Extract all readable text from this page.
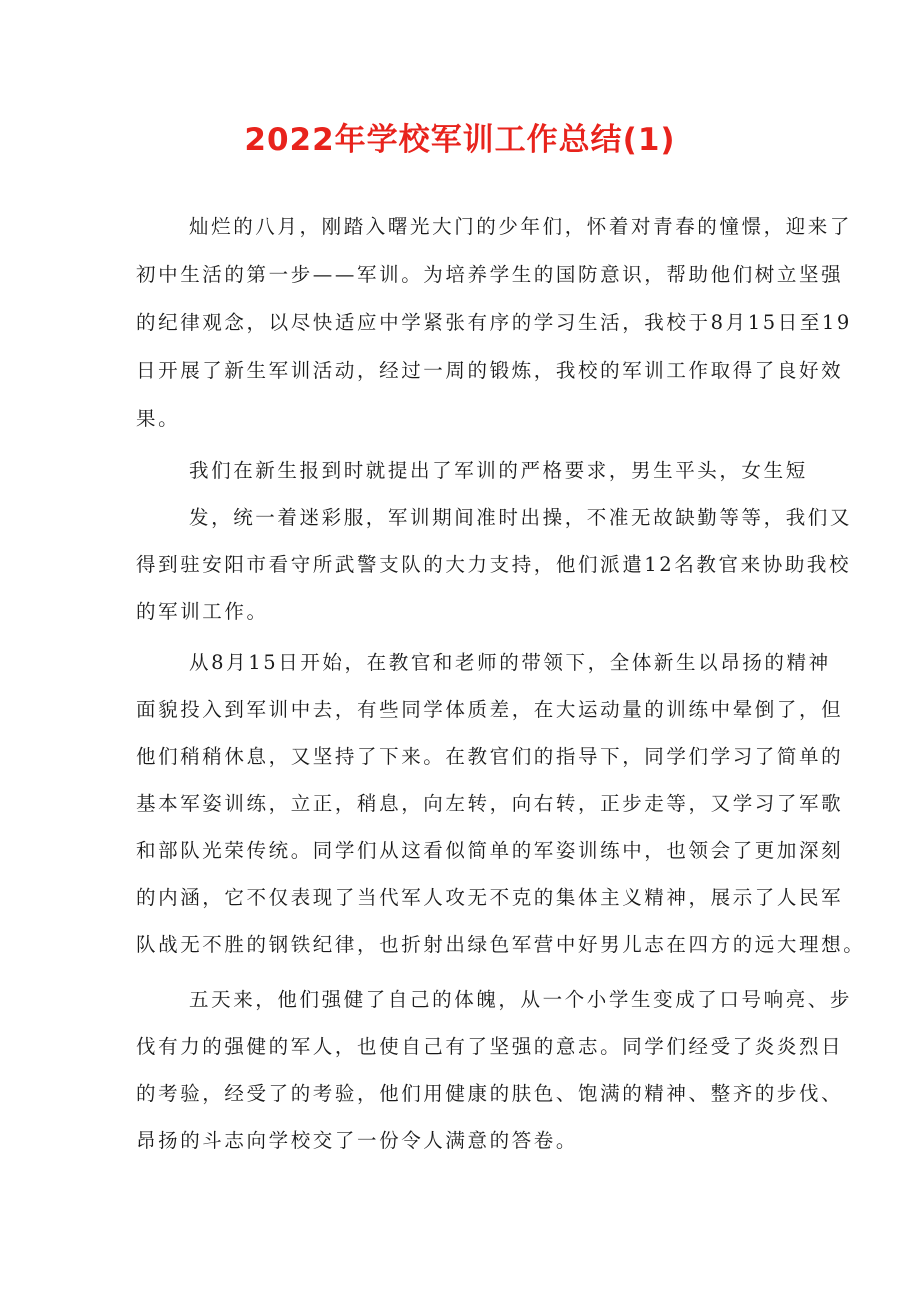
2022年学校军训工作总结(1)
灿烂的八月，刚踏入曙光大门的少年们，怀着对青春的憧憬，迎来了
初中生活的第一步——军训。为培养学生的国防意识，帮助他们树立坚强
的纪律观念，以尽快适应中学紧张有序的学习生活，我校于8月15日至19
日开展了新生军训活动，经过一周的锻炼，我校的军训工作取得了良好效
果。
我们在新生报到时就提出了军训的严格要求，男生平头，女生短
发，统一着迷彩服，军训期间准时出操，不准无故缺勤等等，我们又
得到驻安阳市看守所武警支队的大力支持，他们派遣12名教官来协助我校
的军训工作。
从8月15日开始，在教官和老师的带领下，全体新生以昂扬的精神
面貌投入到军训中去，有些同学体质差，在大运动量的训练中晕倒了，但
他们稍稍休息，又坚持了下来。在教官们的指导下，同学们学习了简单的
基本军姿训练，立正，稍息，向左转，向右转，正步走等，又学习了军歌
和部队光荣传统。同学们从这看似简单的军姿训练中，也领会了更加深刻
的内涵，它不仅表现了当代军人攻无不克的集体主义精神，展示了人民军
队战无不胜的钢铁纪律，也折射出绿色军营中好男儿志在四方的远大理想。
五天来，他们强健了自己的体魄，从一个小学生变成了口号响亮、步
伐有力的强健的军人，也使自己有了坚强的意志。同学们经受了炎炎烈日
的考验，经受了的考验，他们用健康的肤色、饱满的精神、整齐的步伐、
昂扬的斗志向学校交了一份令人满意的答卷。
